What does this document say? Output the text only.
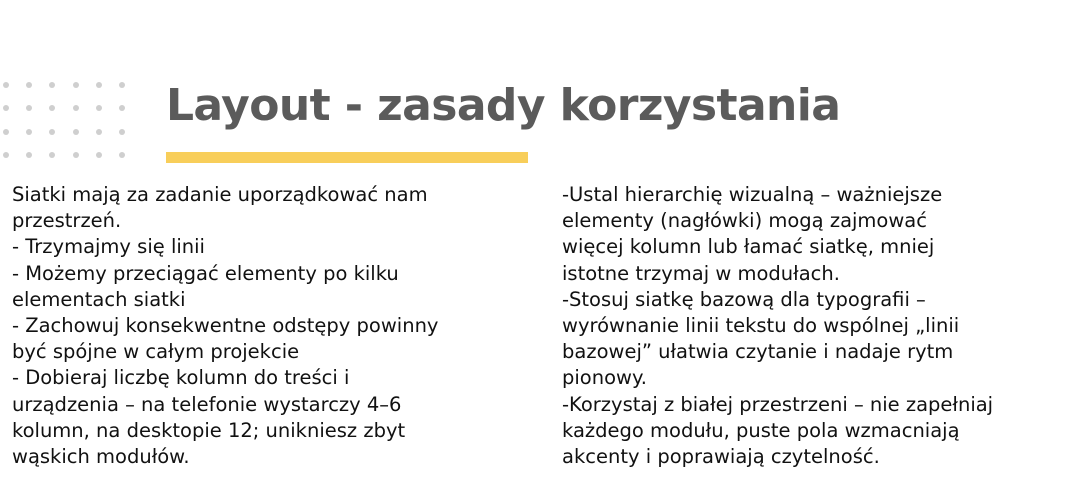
Layout - zasady korzystania
Siatki mają za zadanie uporządkować nam
przestrzeń.
- Trzymajmy się linii
- Możemy przeciągać elementy po kilku
elementach siatki
- Zachowuj konsekwentne odstępy powinny
być spójne w całym projekcie
- Dobieraj liczbę kolumn do treści i
urządzenia – na telefonie wystarczy 4–6
kolumn, na desktopie 12; unikniesz zbyt
wąskich modułów.
-Ustal hierarchię wizualną – ważniejsze
elementy (nagłówki) mogą zajmować
więcej kolumn lub łamać siatkę, mniej
istotne trzymaj w modułach.
-Stosuj siatkę bazową dla typografii –
wyrównanie linii tekstu do wspólnej „linii
bazowej” ułatwia czytanie i nadaje rytm
pionowy.
-Korzystaj z białej przestrzeni – nie zapełniaj
każdego modułu, puste pola wzmacniają
akcenty i poprawiają czytelność.
